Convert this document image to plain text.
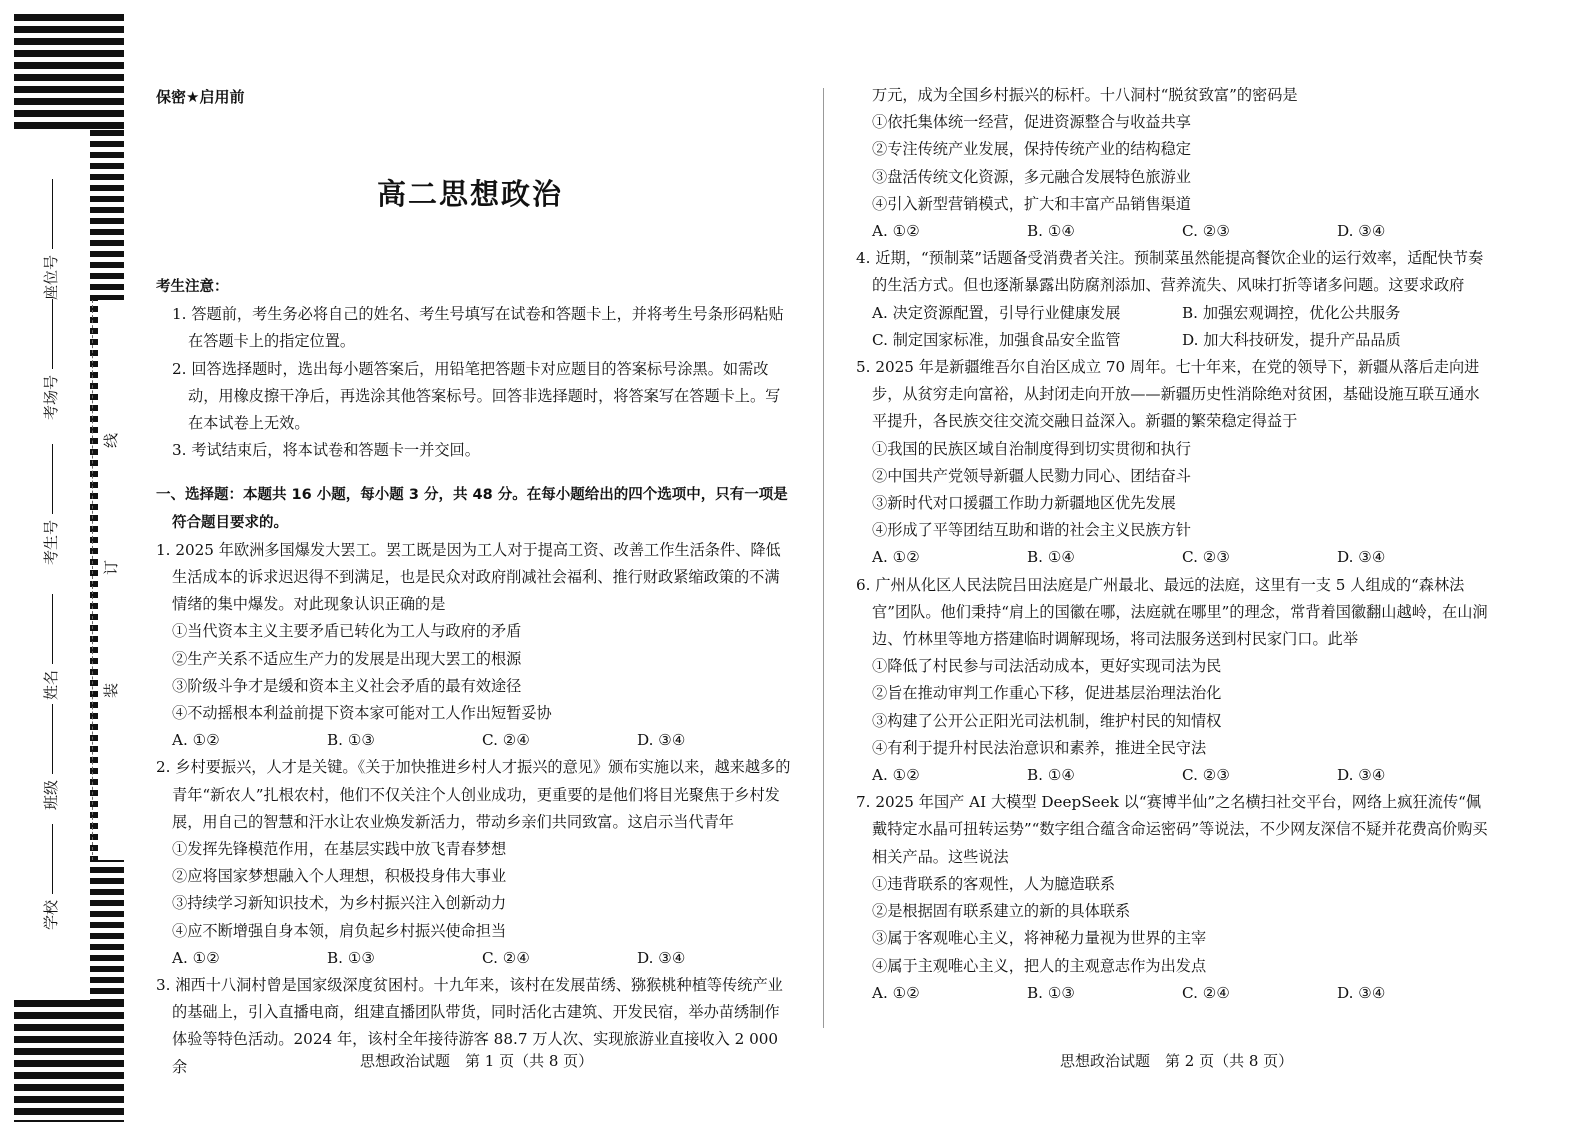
座位号
考场号
考生号
姓名
班级
学校
线
订
装
保密★启用前
高二思想政治

考生注意：

1. 答题前，考生务必将自己的姓名、考生号填写在试卷和答题卡上，并将考生号条形码粘贴在答题卡上的指定位置。

2. 回答选择题时，选出每小题答案后，用铅笔把答题卡对应题目的答案标号涂黑。如需改动，用橡皮擦干净后，再选涂其他答案标号。回答非选择题时，将答案写在答题卡上。写在本试卷上无效。

3. 考试结束后，将本试卷和答题卡一并交回。

一、选择题：本题共 16 小题，每小题 3 分，共 48 分。在每小题给出的四个选项中，只有一项是符合题目要求的。

1. 2025 年欧洲多国爆发大罢工。罢工既是因为工人对于提高工资、改善工作生活条件、降低生活成本的诉求迟迟得不到满足，也是民众对政府削减社会福利、推行财政紧缩政策的不满情绪的集中爆发。对此现象认识正确的是

①当代资本主义主要矛盾已转化为工人与政府的矛盾

②生产关系不适应生产力的发展是出现大罢工的根源

③阶级斗争才是缓和资本主义社会矛盾的最有效途径

④不动摇根本利益前提下资本家可能对工人作出短暂妥协

A. ①②	B. ①③	C. ②④	D. ③④

2. 乡村要振兴，人才是关键。《关于加快推进乡村人才振兴的意见》颁布实施以来，越来越多的青年“新农人”扎根农村，他们不仅关注个人创业成功，更重要的是他们将目光聚焦于乡村发展，用自己的智慧和汗水让农业焕发新活力，带动乡亲们共同致富。这启示当代青年

①发挥先锋模范作用，在基层实践中放飞青春梦想

②应将国家梦想融入个人理想，积极投身伟大事业

③持续学习新知识技术，为乡村振兴注入创新动力

④应不断增强自身本领，肩负起乡村振兴使命担当

A. ①②	B. ①③	C. ②④	D. ③④

3. 湘西十八洞村曾是国家级深度贫困村。十九年来，该村在发展苗绣、猕猴桃种植等传统产业的基础上，引入直播电商，组建直播团队带货，同时活化古建筑、开发民宿，举办苗绣制作体验等特色活动。2024 年，该村全年接待游客 88.7 万人次、实现旅游业直接收入 2 000 余

万元，成为全国乡村振兴的标杆。十八洞村“脱贫致富”的密码是

①依托集体统一经营，促进资源整合与收益共享

②专注传统产业发展，保持传统产业的结构稳定

③盘活传统文化资源，多元融合发展特色旅游业

④引入新型营销模式，扩大和丰富产品销售渠道

A. ①②	B. ①④	C. ②③	D. ③④

4. 近期，“预制菜”话题备受消费者关注。预制菜虽然能提高餐饮企业的运行效率，适配快节奏的生活方式。但也逐渐暴露出防腐剂添加、营养流失、风味打折等诸多问题。这要求政府

A. 决定资源配置，引导行业健康发展	B. 加强宏观调控，优化公共服务
C. 制定国家标准，加强食品安全监管	D. 加大科技研发，提升产品品质

5. 2025 年是新疆维吾尔自治区成立 70 周年。七十年来，在党的领导下，新疆从落后走向进步，从贫穷走向富裕，从封闭走向开放——新疆历史性消除绝对贫困，基础设施互联互通水平提升，各民族交往交流交融日益深入。新疆的繁荣稳定得益于

①我国的民族区域自治制度得到切实贯彻和执行

②中国共产党领导新疆人民勠力同心、团结奋斗

③新时代对口援疆工作助力新疆地区优先发展

④形成了平等团结互助和谐的社会主义民族方针

A. ①②	B. ①④	C. ②③	D. ③④

6. 广州从化区人民法院吕田法庭是广州最北、最远的法庭，这里有一支 5 人组成的“森林法官”团队。他们秉持“肩上的国徽在哪，法庭就在哪里”的理念，常背着国徽翻山越岭，在山涧边、竹林里等地方搭建临时调解现场，将司法服务送到村民家门口。此举

①降低了村民参与司法活动成本，更好实现司法为民

②旨在推动审判工作重心下移，促进基层治理法治化

③构建了公开公正阳光司法机制，维护村民的知情权

④有利于提升村民法治意识和素养，推进全民守法

A. ①②	B. ①④	C. ②③	D. ③④

7. 2025 年国产 AI 大模型 DeepSeek 以“赛博半仙”之名横扫社交平台，网络上疯狂流传“佩戴特定水晶可扭转运势”“数字组合蕴含命运密码”等说法，不少网友深信不疑并花费高价购买相关产品。这些说法

①违背联系的客观性，人为臆造联系

②是根据固有联系建立的新的具体联系

③属于客观唯心主义，将神秘力量视为世界的主宰

④属于主观唯心主义，把人的主观意志作为出发点

A. ①②	B. ①③	C. ②④	D. ③④
思想政治试题　第 1 页（共 8 页）	思想政治试题　第 2 页（共 8 页）
